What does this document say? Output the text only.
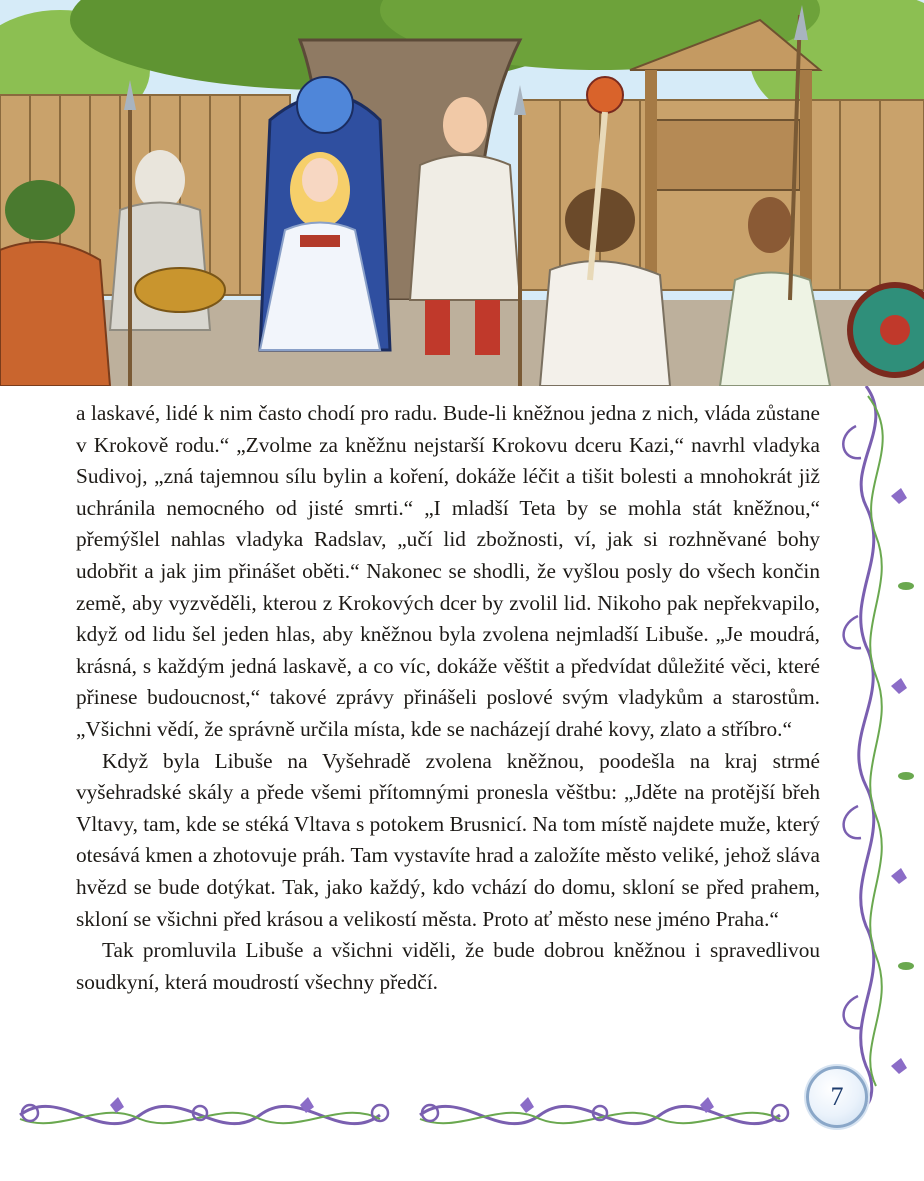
a laskavé, lidé k nim často chodí pro radu. Bude-li kněžnou jedna z nich, vláda zůstane v Krokově rodu.“ „Zvolme za kněžnu nejstarší Krokovu dceru Kazi,“ navrhl vladyka Sudivoj, „zná tajemnou sílu bylin a koření, dokáže léčit a tišit bolesti a mnohokrát již uchránila nemocného od jisté smrti.“ „I mladší Teta by se mohla stát kněžnou,“ přemýšlel nahlas vladyka Radslav, „učí lid zbožnosti, ví, jak si rozhněvané bohy udobřit a jak jim přinášet oběti.“ Nakonec se shodli, že vyšlou posly do všech končin země, aby vyzvěděli, kterou z Krokových dcer by zvolil lid. Nikoho pak nepřekvapilo, když od lidu šel jeden hlas, aby kněžnou byla zvolena nejmladší Libuše. „Je moudrá, krásná, s každým jedná laskavě, a co víc, dokáže věštit a předvídat důležité věci, které přinese budoucnost,“ takové zprávy přinášeli poslové svým vladykům a starostům. „Všichni vědí, že správně určila místa, kde se nacházejí drahé kovy, zlato a stříbro.“

Když byla Libuše na Vyšehradě zvolena kněžnou, poodešla na kraj strmé vyšehradské skály a přede všemi přítomnými pronesla věštbu: „Jděte na protější břeh Vltavy, tam, kde se stéká Vltava s potokem Brusnicí. Na tom místě najdete muže, který otesává kmen a zhotovuje práh. Tam vystavíte hrad a založíte město veliké, jehož sláva hvězd se bude dotýkat. Tak, jako každý, kdo vchází do domu, skloní se před prahem, skloní se všichni před krásou a velikostí města. Proto ať město nese jméno Praha.“

Tak promluvila Libuše a všichni viděli, že bude dobrou kněžnou i spravedlivou soudkyní, která moudrostí všechny předčí.

7
